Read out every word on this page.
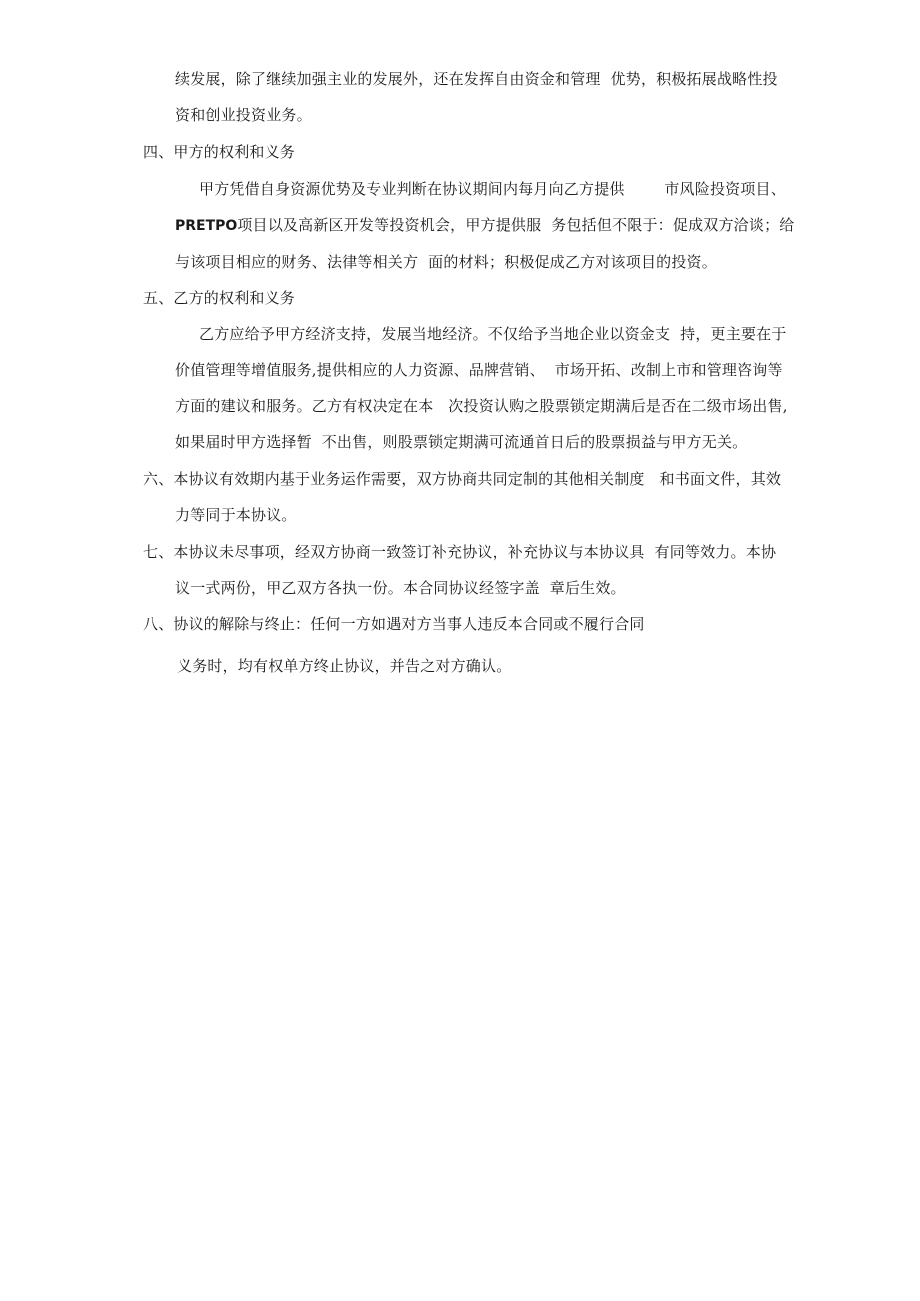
续发展，除了继续加强主业的发展外，还在发挥自由资金和管理  优势，积极拓展战略性投
资和创业投资业务。
四、甲方的权利和义务
甲方凭借自身资源优势及专业判断在协议期间内每月向乙方提供        市风险投资项目、
PRETPO项目以及高新区开发等投资机会，甲方提供服  务包括但不限于：促成双方洽谈；给
与该项目相应的财务、法律等相关方  面的材料；积极促成乙方对该项目的投资。
五、乙方的权利和义务
乙方应给予甲方经济支持，发展当地经济。不仅给予当地企业以资金支  持，更主要在于
价值管理等增值服务,提供相应的人力资源、品牌营销、  市场开拓、改制上市和管理咨询等
方面的建议和服务。乙方有权决定在本   次投资认购之股票锁定期满后是否在二级市场出售,
如果届时甲方选择暂  不出售，则股票锁定期满可流通首日后的股票损益与甲方无关。
六、本协议有效期内基于业务运作需要，双方协商共同定制的其他相关制度   和书面文件，其效
力等同于本协议。
七、本协议未尽事项，经双方协商一致签订补充协议，补充协议与本协议具  有同等效力。本协
议一式两份，甲乙双方各执一份。本合同协议经签字盖  章后生效。
八、协议的解除与终止：任何一方如遇对方当事人违反本合同或不履行合同
义务时，均有权单方终止协议，并告之对方确认。
